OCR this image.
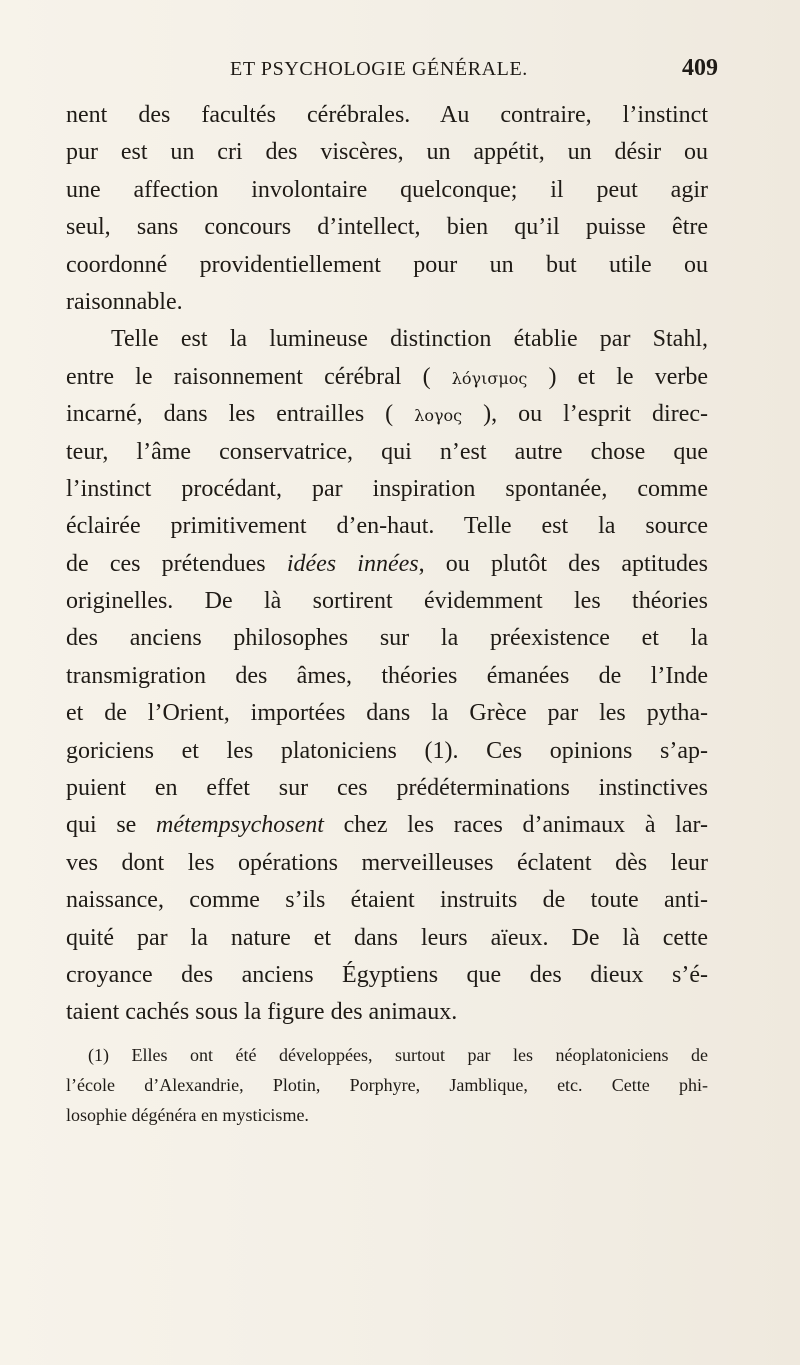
ET PSYCHOLOGIE GÉNÉRALE.	409
nent des facultés cérébrales. Au contraire, l’instinct
pur est un cri des viscères, un appétit, un désir ou
une affection involontaire quelconque; il peut agir
seul, sans concours d’intellect, bien qu’il puisse être
coordonné providentiellement pour un but utile ou
raisonnable.
Telle est la lumineuse distinction établie par Stahl,
entre le raisonnement cérébral ( λόγισμος ) et le verbe
incarné, dans les entrailles ( λογος ), ou l’esprit direc-
teur, l’âme conservatrice, qui n’est autre chose que
l’instinct procédant, par inspiration spontanée, comme
éclairée primitivement d’en-haut. Telle est la source
de ces prétendues idées innées, ou plutôt des aptitudes
originelles. De là sortirent évidemment les théories
des anciens philosophes sur la préexistence et la
transmigration des âmes, théories émanées de l’Inde
et de l’Orient, importées dans la Grèce par les pytha-
goriciens et les platoniciens (1). Ces opinions s’ap-
puient en effet sur ces prédéterminations instinctives
qui se métempsychosent chez les races d’animaux à lar-
ves dont les opérations merveilleuses éclatent dès leur
naissance, comme s’ils étaient instruits de toute anti-
quité par la nature et dans leurs aïeux. De là cette
croyance des anciens Égyptiens que des dieux s’é-
taient cachés sous la figure des animaux.
(1) Elles ont été développées, surtout par les néoplatoniciens de
l’école d’Alexandrie, Plotin, Porphyre, Jamblique, etc. Cette phi-
losophie dégénéra en mysticisme.
